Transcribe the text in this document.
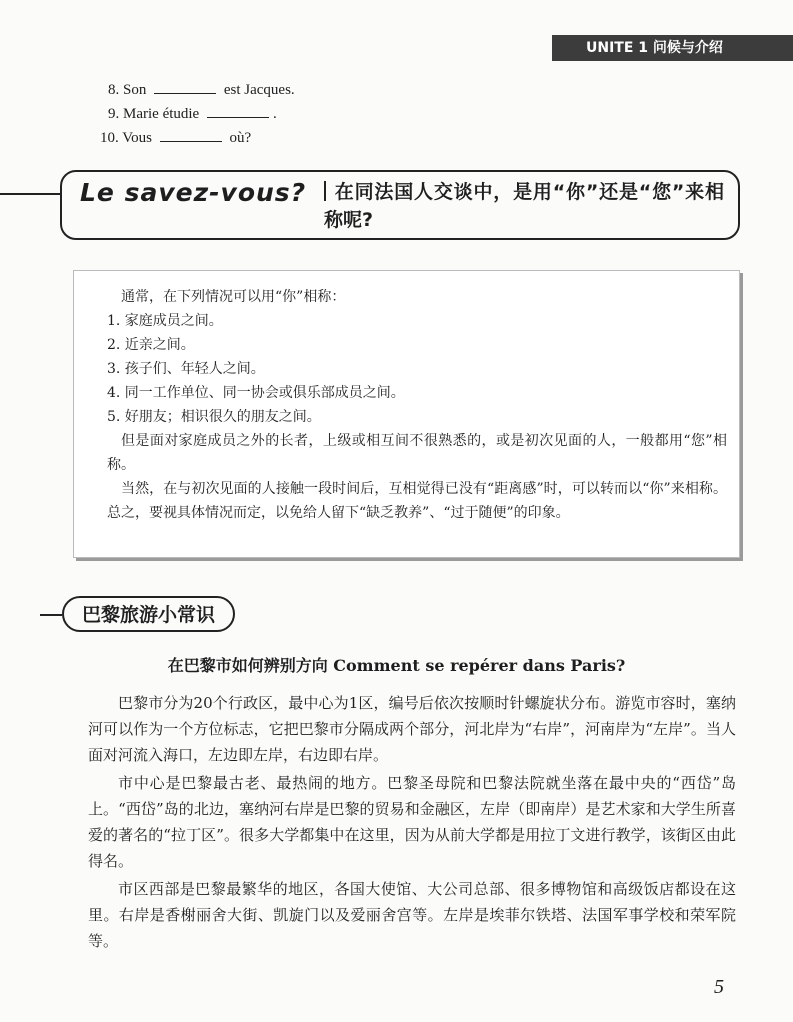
UNITE 1 问候与介绍
8. Son	est Jacques.
9. Marie étudie	.
10. Vous	où?
Le savez-vous?	在同法国人交谈中，是用“你”还是“您”来相称呢?

通常，在下列情况可以用“你”相称：

1. 家庭成员之间。

2. 近亲之间。

3. 孩子们、年轻人之间。

4. 同一工作单位、同一协会或俱乐部成员之间。

5. 好朋友；相识很久的朋友之间。

但是面对家庭成员之外的长者，上级或相互间不很熟悉的，或是初次见面的人，一般都用“您”相称。

当然，在与初次见面的人接触一段时间后，互相觉得已没有“距离感”时，可以转而以“你”来相称。总之，要视具体情况而定，以免给人留下“缺乏教养”、“过于随便”的印象。

巴黎旅游小常识
在巴黎市如何辨别方向 Comment se repérer dans Paris?

巴黎市分为20个行政区，最中心为1区，编号后依次按顺时针螺旋状分布。游览市容时，塞纳河可以作为一个方位标志，它把巴黎市分隔成两个部分，河北岸为“右岸”，河南岸为“左岸”。当人面对河流入海口，左边即左岸，右边即右岸。

市中心是巴黎最古老、最热闹的地方。巴黎圣母院和巴黎法院就坐落在最中央的“西岱”岛上。“西岱”岛的北边，塞纳河右岸是巴黎的贸易和金融区，左岸（即南岸）是艺术家和大学生所喜爱的著名的“拉丁区”。很多大学都集中在这里，因为从前大学都是用拉丁文进行教学，该街区由此得名。

市区西部是巴黎最繁华的地区，各国大使馆、大公司总部、很多博物馆和高级饭店都设在这里。右岸是香榭丽舍大街、凯旋门以及爱丽舍宫等。左岸是埃菲尔铁塔、法国军事学校和荣军院等。

5
